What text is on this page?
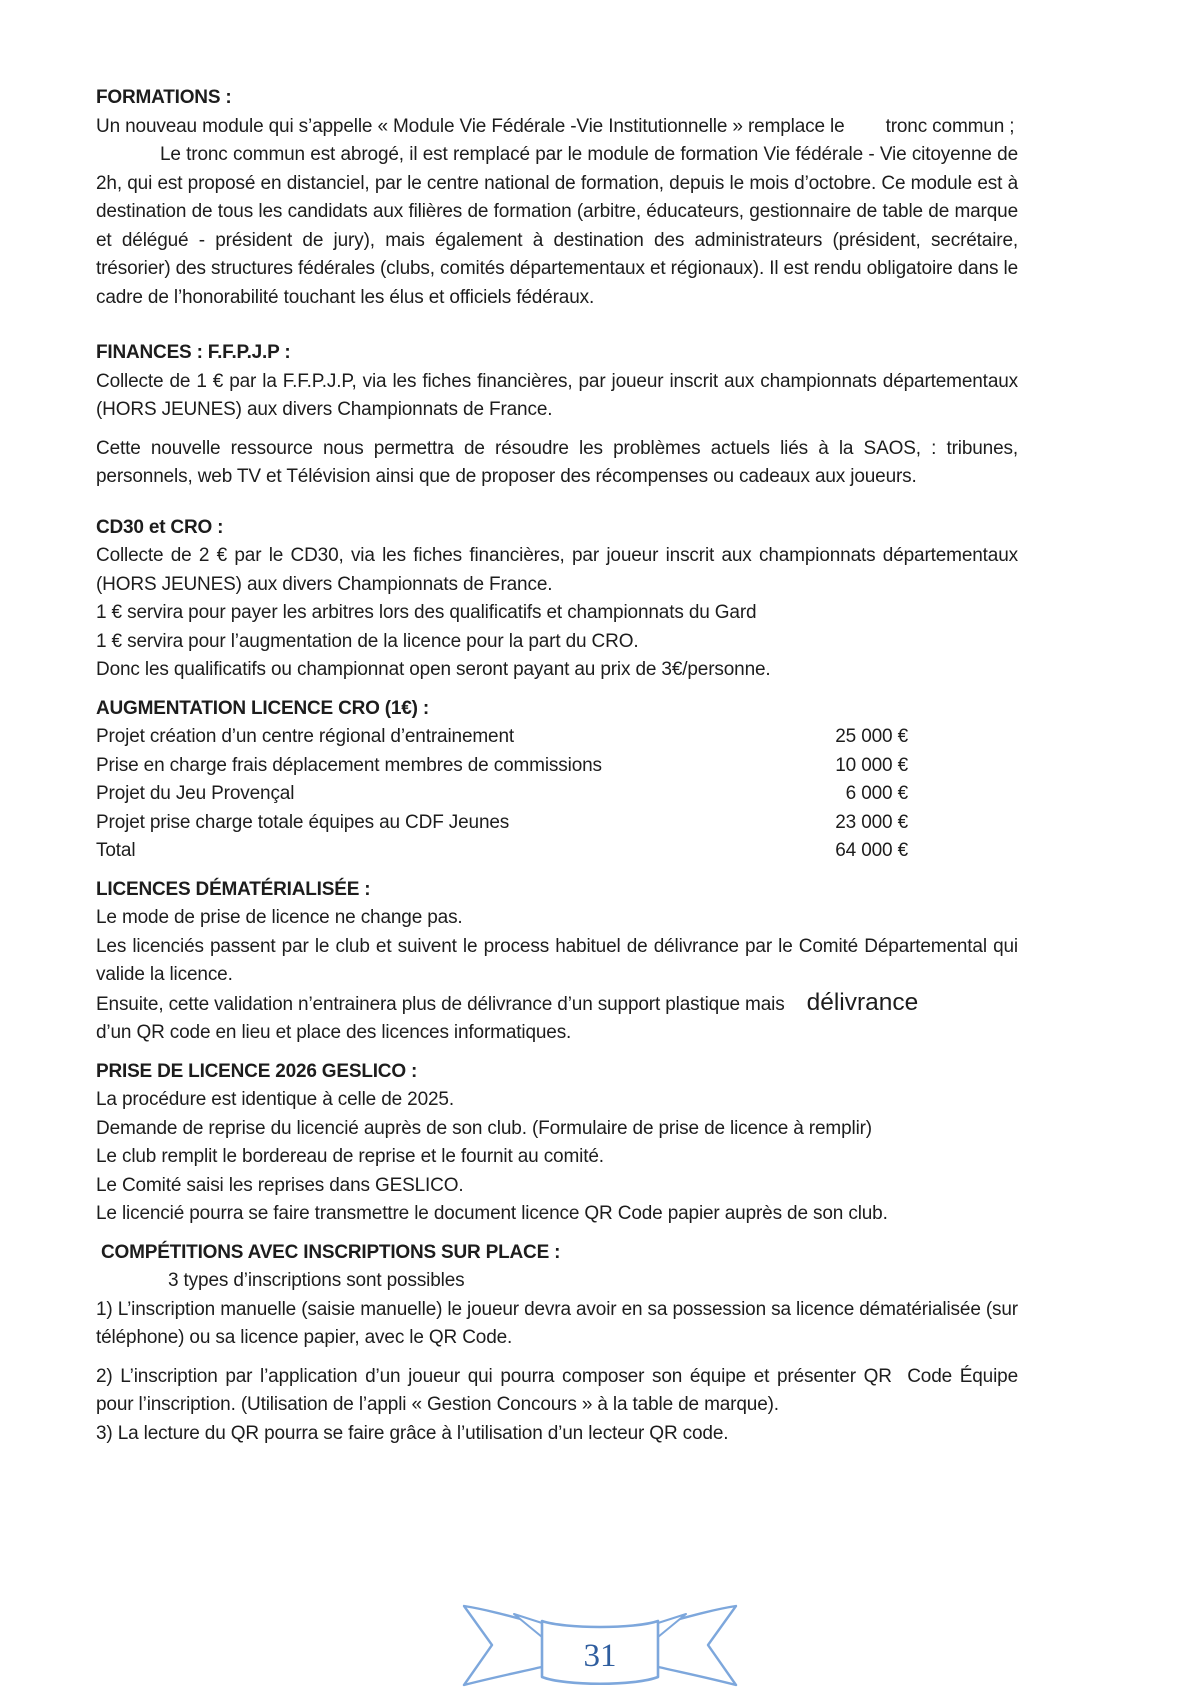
FORMATIONS :

Un nouveau module qui s’appelle « Module Vie Fédérale -Vie Institutionnelle » remplace le        tronc commun ;

Le tronc commun est abrogé, il est remplacé par le module de formation Vie fédérale - Vie citoyenne de 2h, qui est proposé en distanciel, par le centre national de formation, depuis le mois d’octobre. Ce module est à destination de tous les candidats aux filières de formation (arbitre, éducateurs, gestionnaire de table de marque et délégué - président de jury), mais également à destination des administrateurs (président, secrétaire, trésorier) des structures fédérales (clubs, comités départementaux et régionaux). Il est rendu obligatoire dans le cadre de l’honorabilité touchant les élus et officiels fédéraux.

FINANCES : F.F.P.J.P :

Collecte de 1 € par la F.F.P.J.P, via les fiches financières, par joueur inscrit aux championnats départementaux (HORS JEUNES) aux divers Championnats de France.

Cette nouvelle ressource nous permettra de résoudre les problèmes actuels liés à la SAOS, : tribunes, personnels, web TV et Télévision ainsi que de proposer des récompenses ou cadeaux aux joueurs.

CD30 et CRO :

Collecte de 2 € par le CD30, via les fiches financières, par joueur inscrit aux championnats départementaux (HORS JEUNES) aux divers Championnats de France.

1 € servira pour payer les arbitres lors des qualificatifs et championnats du Gard

1 € servira pour l’augmentation de la licence pour la part du CRO.

Donc les qualificatifs ou championnat open seront payant au prix de 3€/personne.

AUGMENTATION LICENCE CRO (1€) :
Projet création d’un centre régional d’entrainement	25 000 €
Prise en charge frais déplacement membres de commissions	10 000 €
Projet du Jeu Provençal	6 000 €
Projet prise charge totale équipes au CDF Jeunes	23 000 €
Total	64 000 €
LICENCES DÉMATÉRIALISÉE :

Le mode de prise de licence ne change pas.

Les licenciés passent par le club et suivent le process habituel de délivrance par le Comité Départemental qui valide la licence.

Ensuite, cette validation n’entrainera plus de délivrance d’un support plastique mais délivrance

d’un QR code en lieu et place des licences informatiques.

PRISE DE LICENCE 2026 GESLICO :

La procédure est identique à celle de 2025.

Demande de reprise du licencié auprès de son club. (Formulaire de prise de licence à remplir)

Le club remplit le bordereau de reprise et le fournit au comité.

Le Comité saisi les reprises dans GESLICO.

Le licencié pourra se faire transmettre le document licence QR Code papier auprès de son club.

COMPÉTITIONS AVEC INSCRIPTIONS SUR PLACE :

3 types d’inscriptions sont possibles

1) L’inscription manuelle (saisie manuelle) le joueur devra avoir en sa possession sa licence dématérialisée (sur téléphone) ou sa licence papier, avec le QR Code.

2) L’inscription par l’application d’un joueur qui pourra composer son équipe et présenter QR  Code Équipe pour l’inscription. (Utilisation de l’appli « Gestion Concours » à la table de marque).

3) La lecture du QR pourra se faire grâce à l’utilisation d’un lecteur QR code.

31
